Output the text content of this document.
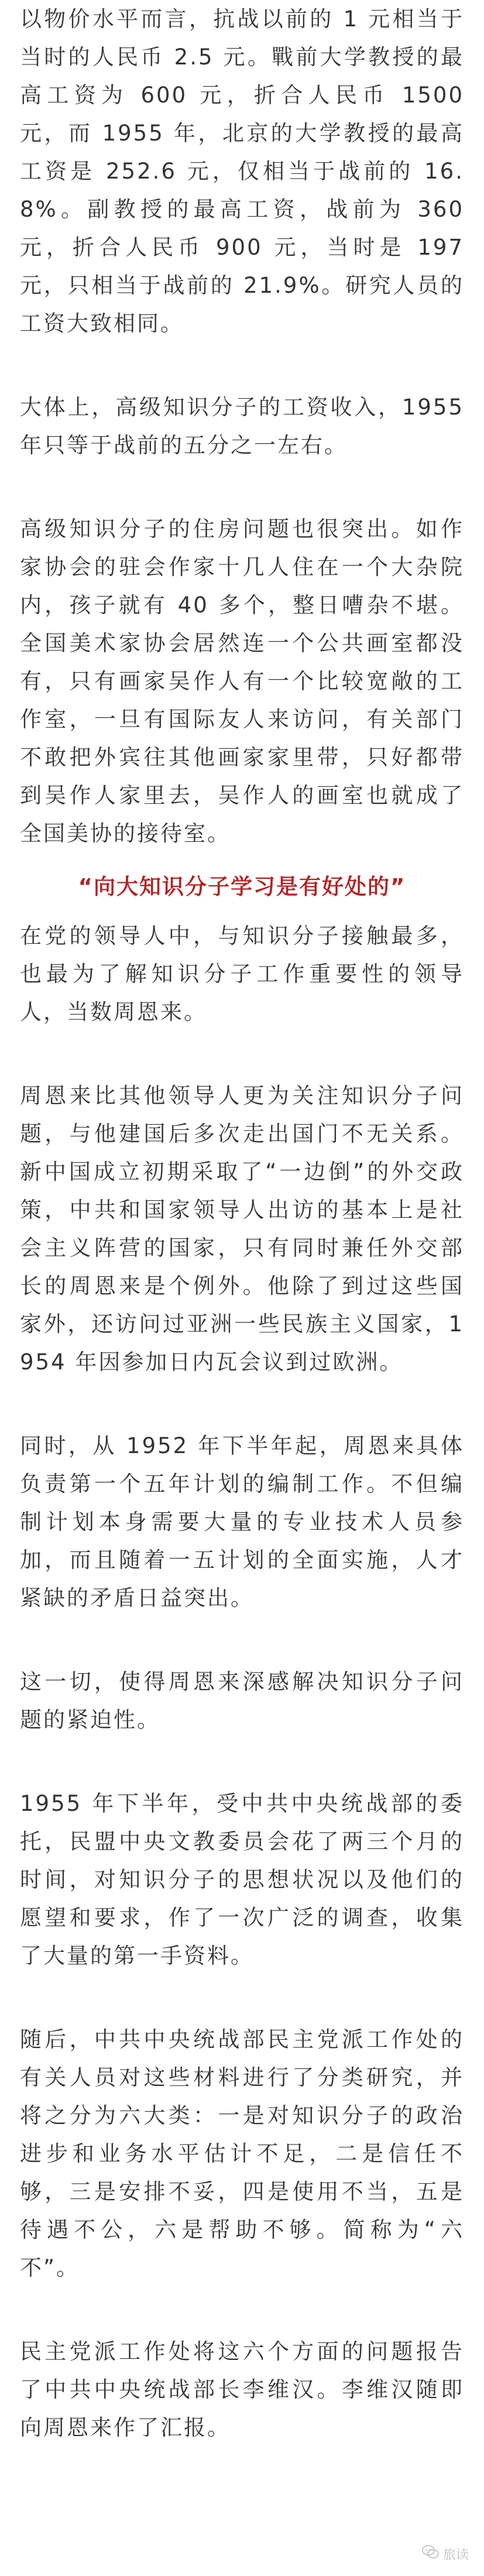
以物价水平而言，抗战以前的 1 元相当于当时的人民币 2.5 元。戰前大学教授的最高工资为 600 元，折合人民币 1500 元，而 1955 年，北京的大学教授的最高工资是 252.6 元，仅相当于战前的 16.8%。副教授的最高工资，战前为 360 元，折合人民币 900 元，当时是 197 元，只相当于战前的 21.9%。研究人员的工资大致相同。

大体上，高级知识分子的工资收入，1955 年只等于战前的五分之一左右。

高级知识分子的住房问题也很突出。如作家协会的驻会作家十几人住在一个大杂院内，孩子就有 40 多个，整日嘈杂不堪。全国美术家协会居然连一个公共画室都没有，只有画家吴作人有一个比较宽敞的工作室，一旦有国际友人来访问，有关部门不敢把外宾往其他画家家里带，只好都带到吴作人家里去，吴作人的画室也就成了全国美协的接待室。

“向大知识分子学习是有好处的”

在党的领导人中，与知识分子接触最多，也最为了解知识分子工作重要性的领导人，当数周恩来。

周恩来比其他领导人更为关注知识分子问题，与他建国后多次走出国门不无关系。新中国成立初期采取了“一边倒”的外交政策，中共和国家领导人出访的基本上是社会主义阵营的国家，只有同时兼任外交部长的周恩来是个例外。他除了到过这些国家外，还访问过亚洲一些民族主义国家，1954 年因参加日内瓦会议到过欧洲。

同时，从 1952 年下半年起，周恩来具体负责第一个五年计划的编制工作。不但编制计划本身需要大量的专业技术人员参加，而且随着一五计划的全面实施，人才紧缺的矛盾日益突出。

这一切，使得周恩来深感解决知识分子问题的紧迫性。

1955 年下半年，受中共中央统战部的委托，民盟中央文教委员会花了两三个月的时间，对知识分子的思想状况以及他们的愿望和要求，作了一次广泛的调查，收集了大量的第一手资料。

随后，中共中央统战部民主党派工作处的有关人员对这些材料进行了分类研究，并将之分为六大类：一是对知识分子的政治进步和业务水平估计不足，二是信任不够，三是安排不妥，四是使用不当，五是待遇不公，六是帮助不够。简称为“六不”。

民主党派工作处将这六个方面的问题报告了中共中央统战部长李维汉。李维汉随即向周恩来作了汇报。

旅读
